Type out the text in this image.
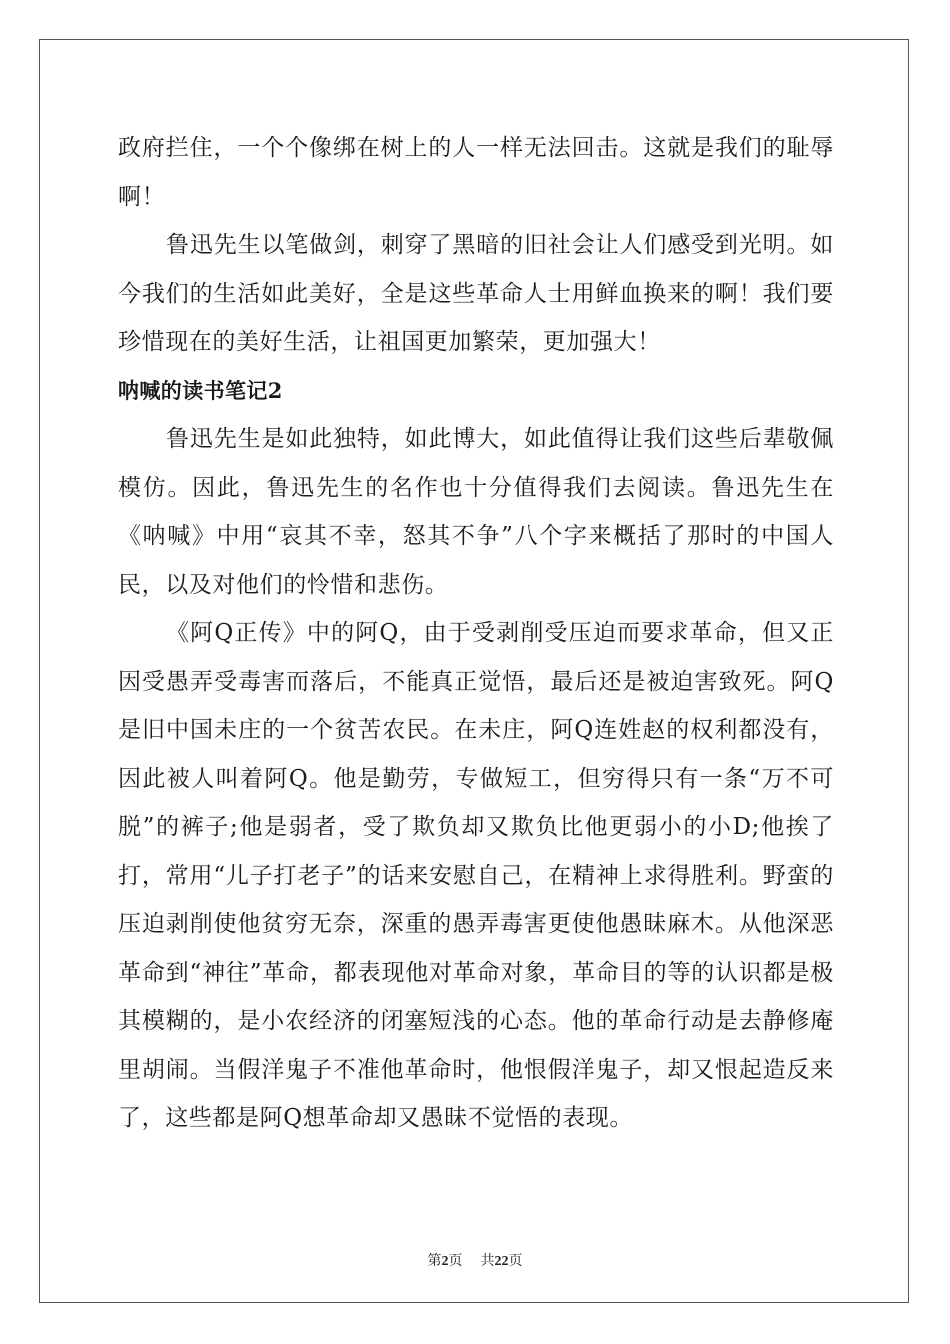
政府拦住，一个个像绑在树上的人一样无法回击。这就是我们的耻辱啊！

鲁迅先生以笔做剑，刺穿了黑暗的旧社会让人们感受到光明。如今我们的生活如此美好，全是这些革命人士用鲜血换来的啊！我们要珍惜现在的美好生活，让祖国更加繁荣，更加强大！

呐喊的读书笔记2

鲁迅先生是如此独特，如此博大，如此值得让我们这些后辈敬佩模仿。因此，鲁迅先生的名作也十分值得我们去阅读。鲁迅先生在《呐喊》中用“哀其不幸，怒其不争”八个字来概括了那时的中国人民，以及对他们的怜惜和悲伤。

《阿Q正传》中的阿Q，由于受剥削受压迫而要求革命，但又正因受愚弄受毒害而落后，不能真正觉悟，最后还是被迫害致死。阿Q是旧中国未庄的一个贫苦农民。在未庄，阿Q连姓赵的权利都没有，因此被人叫着阿Q。他是勤劳，专做短工，但穷得只有一条“万不可脱”的裤子;他是弱者，受了欺负却又欺负比他更弱小的小D;他挨了打，常用“儿子打老子”的话来安慰自己，在精神上求得胜利。野蛮的压迫剥削使他贫穷无奈，深重的愚弄毒害更使他愚昧麻木。从他深恶革命到“神往”革命，都表现他对革命对象，革命目的等的认识都是极其模糊的，是小农经济的闭塞短浅的心态。他的革命行动是去静修庵里胡闹。当假洋鬼子不准他革命时，他恨假洋鬼子，却又恨起造反来了，这些都是阿Q想革命却又愚昧不觉悟的表现。

第2页 共22页
